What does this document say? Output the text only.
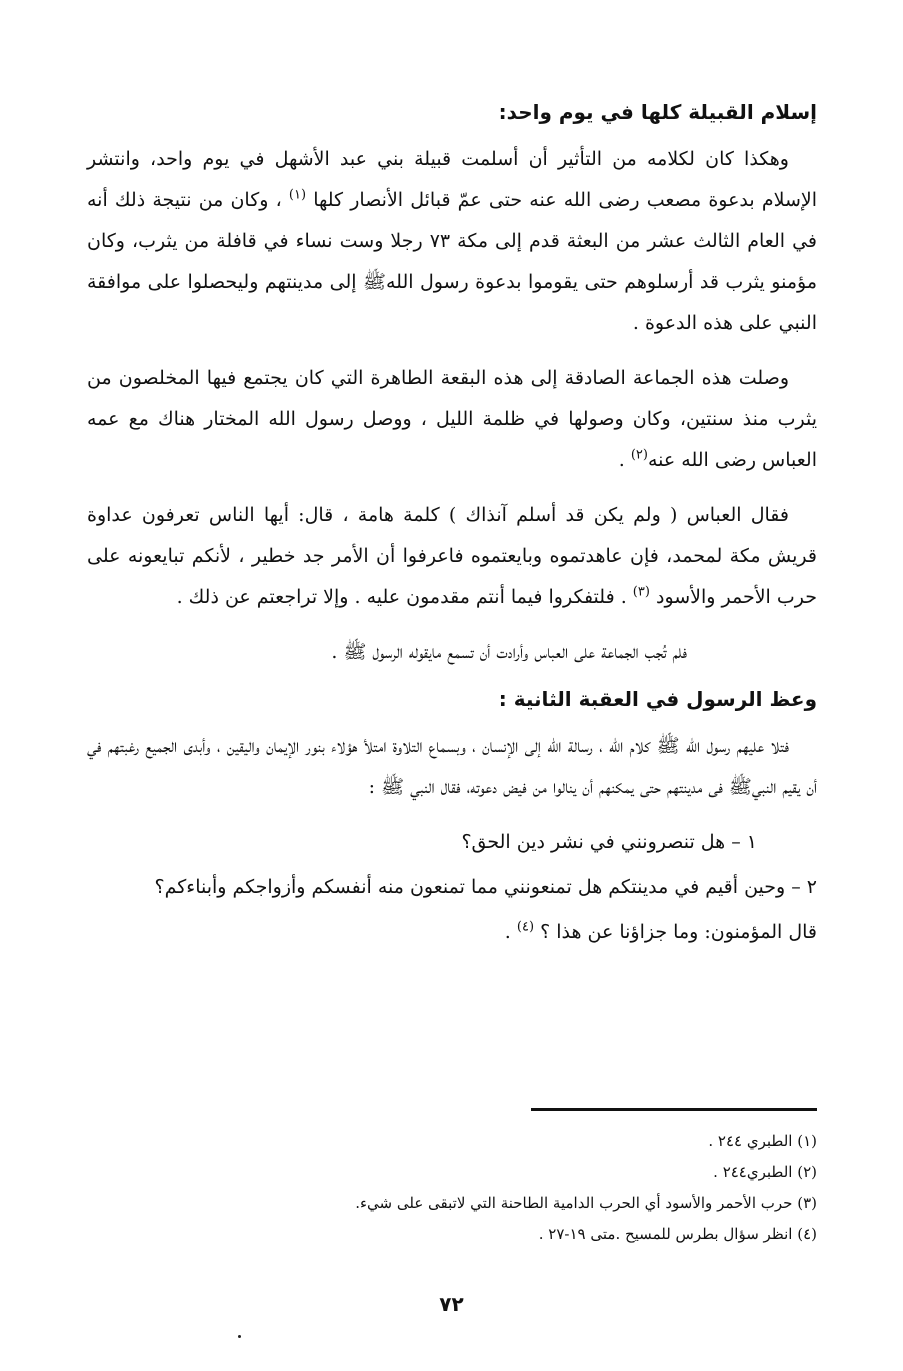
إسلام القبيلة كلها في يوم واحد:

وهكذا كان لكلامه من التأثير أن أسلمت قبيلة بني عبد الأشهل في يوم واحد، وانتشر الإسلام بدعوة مصعب رضى الله عنه حتى عمّ قبائل الأنصار كلها $^{(١)}$ ، وكان من نتيجة ذلك أنه في العام الثالث عشر من البعثة قدم إلى مكة ٧٣ رجلا وست نساء في قافلة من يثرب، وكان مؤمنو يثرب قد أرسلوهم حتى يقوموا بدعوة رسول اللهﷺ إلى مدينتهم وليحصلوا على موافقة النبي على هذه الدعوة .

وصلت هذه الجماعة الصادقة إلى هذه البقعة الطاهرة التي كان يجتمع فيها المخلصون من يثرب منذ سنتين، وكان وصولها في ظلمة الليل ، ووصل رسول الله المختار هناك مع عمه العباس رضى الله عنه$^{(٢)}$ .

فقال العباس ( ولم يكن قد أسلم آنذاك ) كلمة هامة ، قال: أيها الناس تعرفون عداوة قريش مكة لمحمد، فإن عاهدتموه وبايعتموه فاعرفوا أن الأمر جد خطير ، لأنكم تبايعونه على حرب الأحمر والأسود $^{(٣)}$ . فلتفكروا فيما أنتم مقدمون عليه . وإلا تراجعتم عن ذلك .

فلم تُجب الجماعة على العباس وأرادت أن تسمع مايقوله الرسول ﷺ .

وعظ الرسول في العقبة الثانية :

فتلا عليهم رسول الله ﷺ كلام الله ، رسالة الله إلى الإنسان ، وبسماع التلاوة امتلأ هؤلاء بنور الإيمان واليقين ، وأبدى الجميع رغبتهم في أن يقيم النبيﷺ فى مدينتهم حتى يمكنهم أن ينالوا من فيض دعوته، فقال النبي ﷺ :

١ – هل تنصرونني في نشر دين الحق؟

٢ – وحين أقيم في مدينتكم هل تمنعونني مما تمنعون منه أنفسكم وأزواجكم وأبناءكم؟

قال المؤمنون: وما جزاؤنا عن هذا ؟ $^{(٤)}$ .

(١) الطبري ٢٤٤ .

(٢) الطبري٢٤٤ .

(٣) حرب الأحمر والأسود أي الحرب الدامية الطاحنة التي لاتبقى على شيء.

(٤) انظر سؤال بطرس للمسيح .متى ١٩-٢٧ .

٧٢
